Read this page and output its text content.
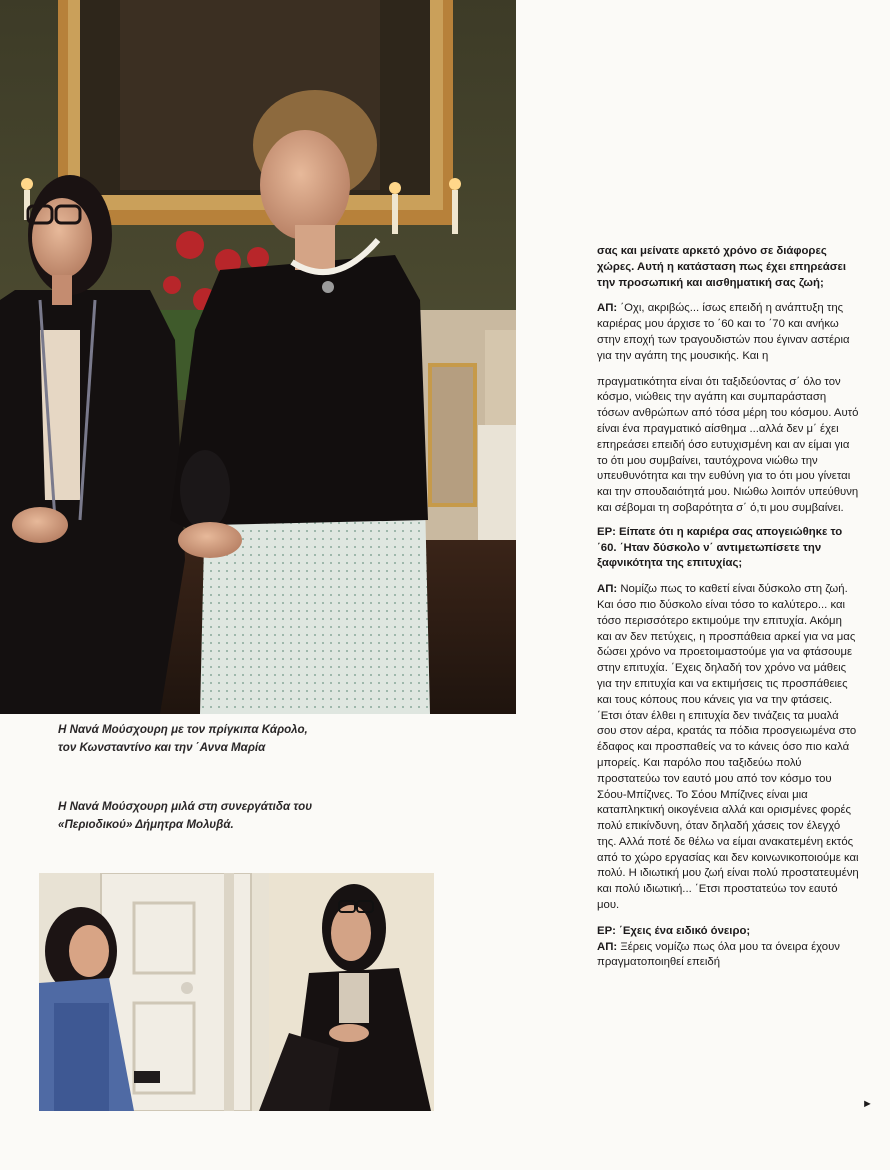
Η Νανά Μούσχουρη με τον πρίγκιπα Κάρολο, τον Κωνσταντίνο και την ΄Αννα Μαρία

Η Νανά Μούσχουρη μιλά στη συνεργάτιδα του «Περιοδικού» Δήμητρα Μολυβά.

σας και μείνατε αρκετό χρόνο σε διάφορες χώρες. Αυτή η κατάσταση πως έχει επηρεάσει την προσωπική και αισθηματική σας ζωή;

ΑΠ: ΄Οχι, ακριβώς... ίσως επειδή η ανάπτυξη της καριέρας μου άρχισε το ΄60 και το ΄70 και ανήκω στην εποχή των τραγουδιστών που έγιναν αστέρια για την αγάπη της μουσικής. Και η

πραγματικότητα είναι ότι ταξιδεύοντας σ΄ όλο τον κόσμο, νιώθεις την αγάπη και συμπαράσταση τόσων ανθρώπων από τόσα μέρη του κόσμου. Αυτό είναι ένα πραγματικό αίσθημα ...αλλά δεν μ΄ έχει επηρεάσει επειδή όσο ευτυχισμένη και αν είμαι για το ότι μου συμβαίνει, ταυτόχρονα νιώθω την υπευθυνότητα και την ευθύνη για το ότι μου γίνεται και την σπουδαιότητά μου. Νιώθω λοιπόν υπεύθυνη και σέβομαι τη σοβαρότητα σ΄ ό,τι μου συμβαίνει.

ΕΡ: Είπατε ότι η καριέρα σας απογειώθηκε το ΄60. ΄Ηταν δύσκολο ν΄ αντιμετωπίσετε την ξαφνικότητα της επιτυχίας;

ΑΠ: Νομίζω πως το καθετί είναι δύσκολο στη ζωή. Και όσο πιο δύσκολο είναι τόσο το καλύτερο... και τόσο περισσότερο εκτιμούμε την επιτυχία. Ακόμη και αν δεν πετύχεις, η προσπάθεια αρκεί για να μας δώσει χρόνο να προετοιμαστούμε για να φτάσουμε στην επιτυχία. ΄Εχεις δηλαδή τον χρόνο να μάθεις για την επιτυχία και να εκτιμήσεις τις προσπάθειες και τους κόπους που κάνεις για να την φτάσεις. ΄Ετσι όταν έλθει η επιτυχία δεν τινάζεις τα μυαλά σου στον αέρα, κρατάς τα πόδια προσγειωμένα στο έδαφος και προσπαθείς να το κάνεις όσο πιο καλά μπορείς. Και παρόλο που ταξιδεύω πολύ προστατεύω τον εαυτό μου από τον κόσμο του Σόου-Μπίζινες. Το Σόου Μπίζινες είναι μια καταπληκτική οικογένεια αλλά και ορισμένες φορές πολύ επικίνδυνη, όταν δηλαδή χάσεις τον έλεγχό της. Αλλά ποτέ δε θέλω να είμαι ανακατεμένη εκτός από το χώρο εργασίας και δεν κοινωνικοποιούμε και πολύ. Η ιδιωτική μου ζωή είναι πολύ προστατευμένη και πολύ ιδιωτική... ΄Ετσι προστατεύω τον εαυτό μου.

ΕΡ: ΄Εχεις ένα ειδικό όνειρο;

ΑΠ: Ξέρεις νομίζω πως όλα μου τα όνειρα έχουν πραγματοποιηθεί επειδή

►
